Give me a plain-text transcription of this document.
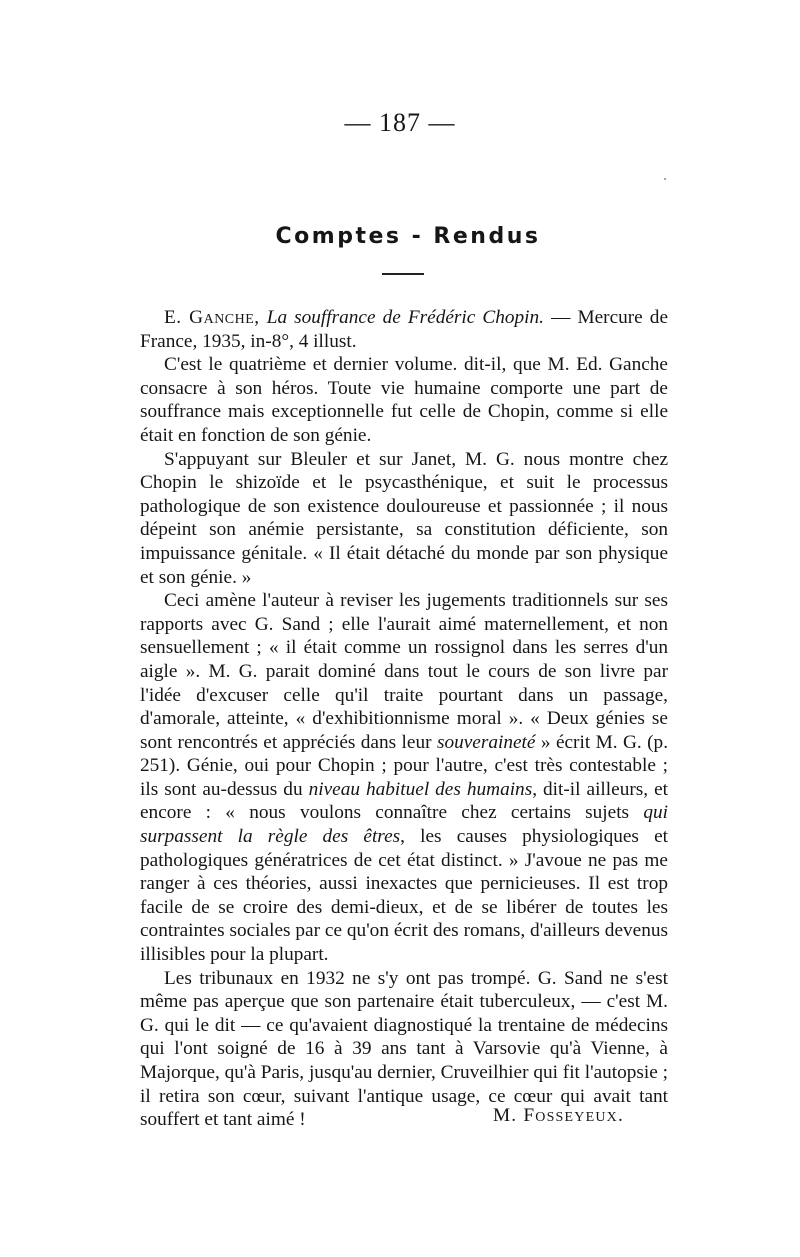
— 187 —
Comptes - Rendus

E. Ganche, La souffrance de Frédéric Chopin. — Mercure de France, 1935, in-8°, 4 illust.

C'est le quatrième et dernier volume. dit-il, que M. Ed. Ganche consacre à son héros. Toute vie humaine comporte une part de souffrance mais exceptionnelle fut celle de Chopin, comme si elle était en fonction de son génie.

S'appuyant sur Bleuler et sur Janet, M. G. nous montre chez Chopin le shizoïde et le psycasthénique, et suit le processus pathologique de son existence douloureuse et passionnée ; il nous dépeint son anémie persistante, sa constitution déficiente, son impuissance génitale. « Il était détaché du monde par son physique et son génie. »

Ceci amène l'auteur à reviser les jugements traditionnels sur ses rapports avec G. Sand ; elle l'aurait aimé maternellement, et non sensuellement ; « il était comme un rossignol dans les serres d'un aigle ». M. G. parait dominé dans tout le cours de son livre par l'idée d'excuser celle qu'il traite pourtant dans un passage, d'amorale, atteinte, « d'exhibitionnisme moral ». « Deux génies se sont rencontrés et appréciés dans leur souveraineté » écrit M. G. (p. 251). Génie, oui pour Chopin ; pour l'autre, c'est très contestable ; ils sont au-dessus du niveau habituel des humains, dit-il ailleurs, et encore : « nous voulons connaître chez certains sujets qui surpassent la règle des êtres, les causes physiologiques et pathologiques génératrices de cet état distinct. » J'avoue ne pas me ranger à ces théories, aussi inexactes que pernicieuses. Il est trop facile de se croire des demi-dieux, et de se libérer de toutes les contraintes sociales par ce qu'on écrit des romans, d'ailleurs devenus illisibles pour la plupart.

Les tribunaux en 1932 ne s'y ont pas trompé. G. Sand ne s'est même pas aperçue que son partenaire était tuberculeux, — c'est M. G. qui le dit — ce qu'avaient diagnostiqué la trentaine de médecins qui l'ont soigné de 16 à 39 ans tant à Varsovie qu'à Vienne, à Majorque, qu'à Paris, jusqu'au dernier, Cruveilhier qui fit l'autopsie ; il retira son cœur, suivant l'antique usage, ce cœur qui avait tant souffert et tant aimé !	M. Fosseyeux.
